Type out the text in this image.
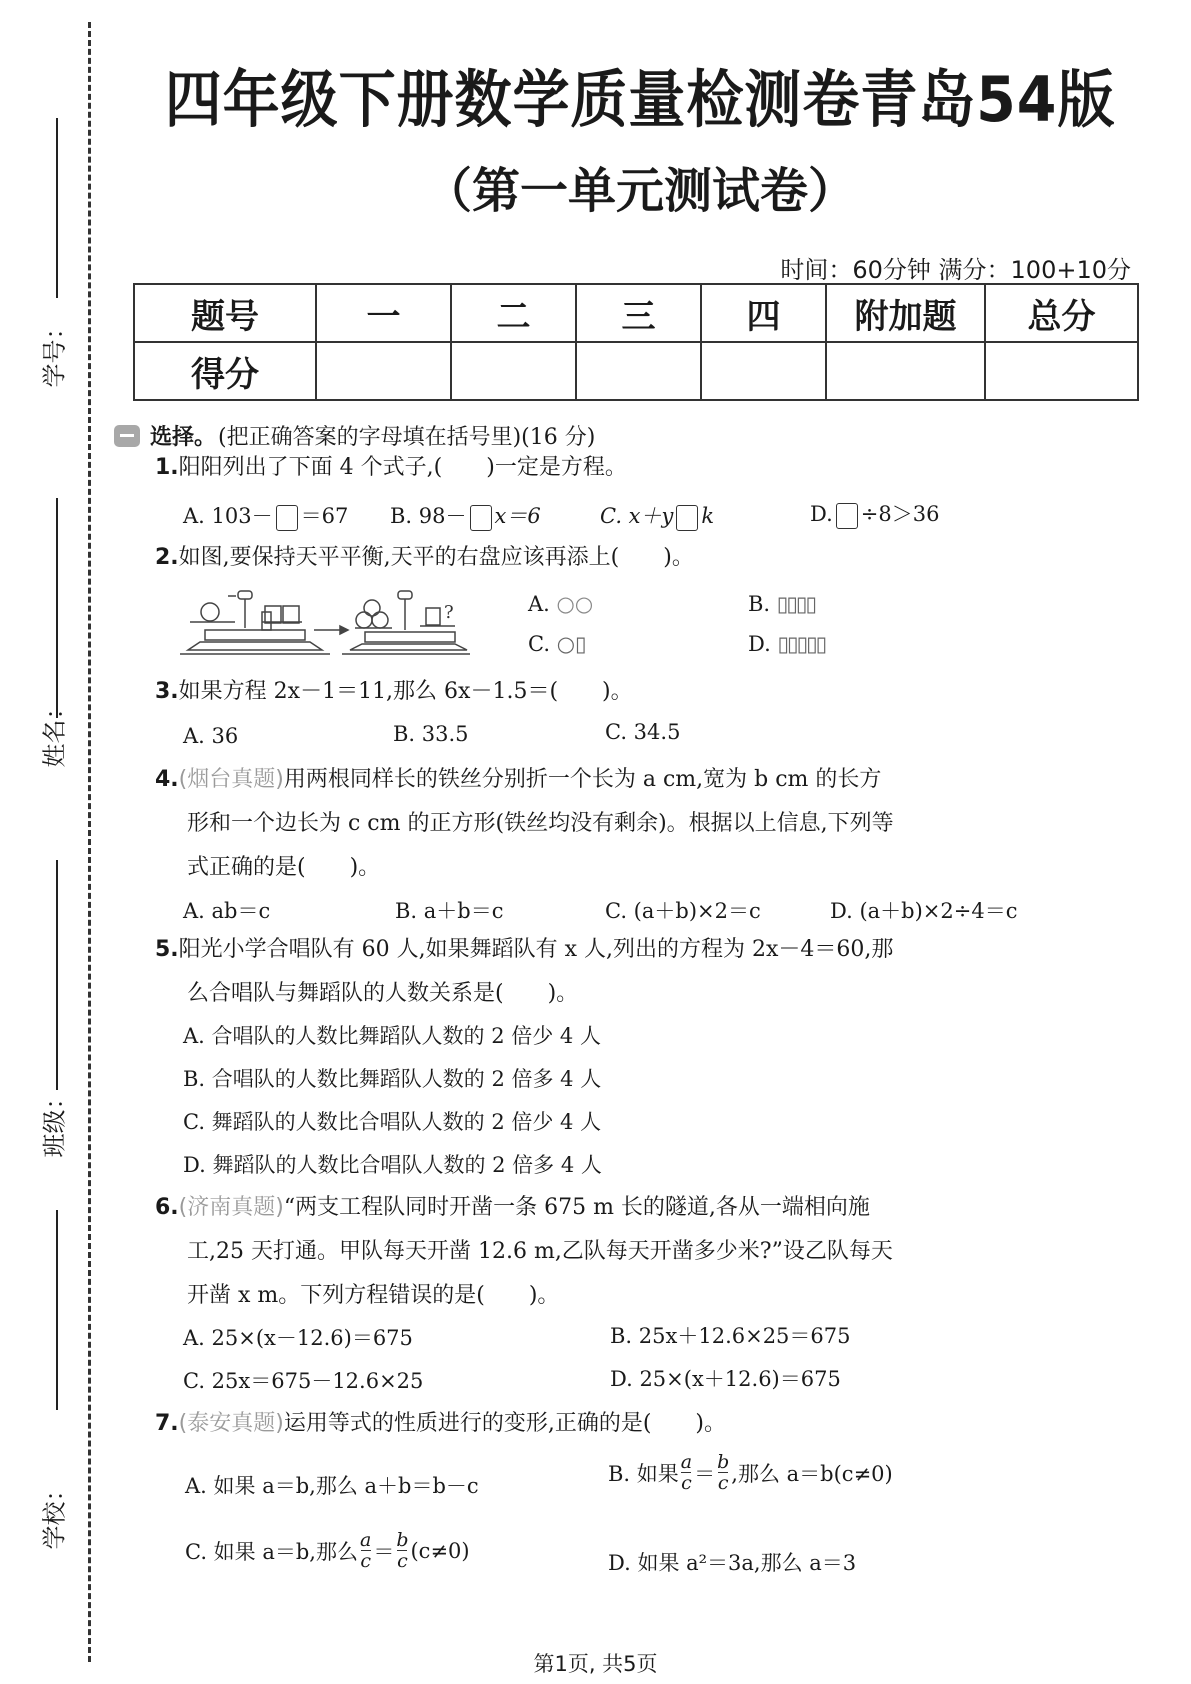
学号：
姓名：
班级：
学校：
四年级下册数学质量检测卷青岛54版
（第一单元测试卷）
时间：60分钟 满分：100+10分
题号	一	二	三	四	附加题	总分
得分						
选择。 (把正确答案的字母填在括号里)(16 分)
1.阳阳列出了下面 4 个式子,(　　)一定是方程。
A. 103－ ＝67 B. 98－ x＝6	C. x＋y k	D. ÷8＞36
2.如图,要保持天平平衡,天平的右盘应该再添上(　　)。
?	A. ○○	B. ▯▯▯▯
C. ○▯	D. ▯▯▯▯▯
3.如果方程 2x－1＝11,那么 6x－1.5＝(　　)。
A. 36	B. 33.5	C. 34.5
4.(烟台真题)用两根同样长的铁丝分别折一个长为 a cm,宽为 b cm 的长方
形和一个边长为 c cm 的正方形(铁丝均没有剩余)。根据以上信息,下列等
式正确的是(　　)。
A. ab＝c	B. a＋b＝c	C. (a＋b)×2＝c	D. (a＋b)×2÷4＝c
5.阳光小学合唱队有 60 人,如果舞蹈队有 x 人,列出的方程为 2x－4＝60,那
么合唱队与舞蹈队的人数关系是(　　)。
A. 合唱队的人数比舞蹈队人数的 2 倍少 4 人
B. 合唱队的人数比舞蹈队人数的 2 倍多 4 人
C. 舞蹈队的人数比合唱队人数的 2 倍少 4 人
D. 舞蹈队的人数比合唱队人数的 2 倍多 4 人
6.(济南真题)“两支工程队同时开凿一条 675 m 长的隧道,各从一端相向施
工,25 天打通。甲队每天开凿 12.6 m,乙队每天开凿多少米?”设乙队每天
开凿 x m。下列方程错误的是(　　)。
A. 25×(x－12.6)＝675	B. 25x＋12.6×25＝675
C. 25x＝675－12.6×25	D. 25×(x＋12.6)＝675
7.(泰安真题)运用等式的性质进行的变形,正确的是(　　)。
A. 如果 a＝b,那么 a＋b＝b－c
B. 如果 $\frac{a}{c} = \frac{b}{c}$ ,那么 a＝b(c≠0)
C. 如果 a＝b,那么 $\frac{a}{c} = \frac{b}{c} (c\ne 0)$
D. 如果 a²＝3a,那么 a＝3
第1页, 共5页
